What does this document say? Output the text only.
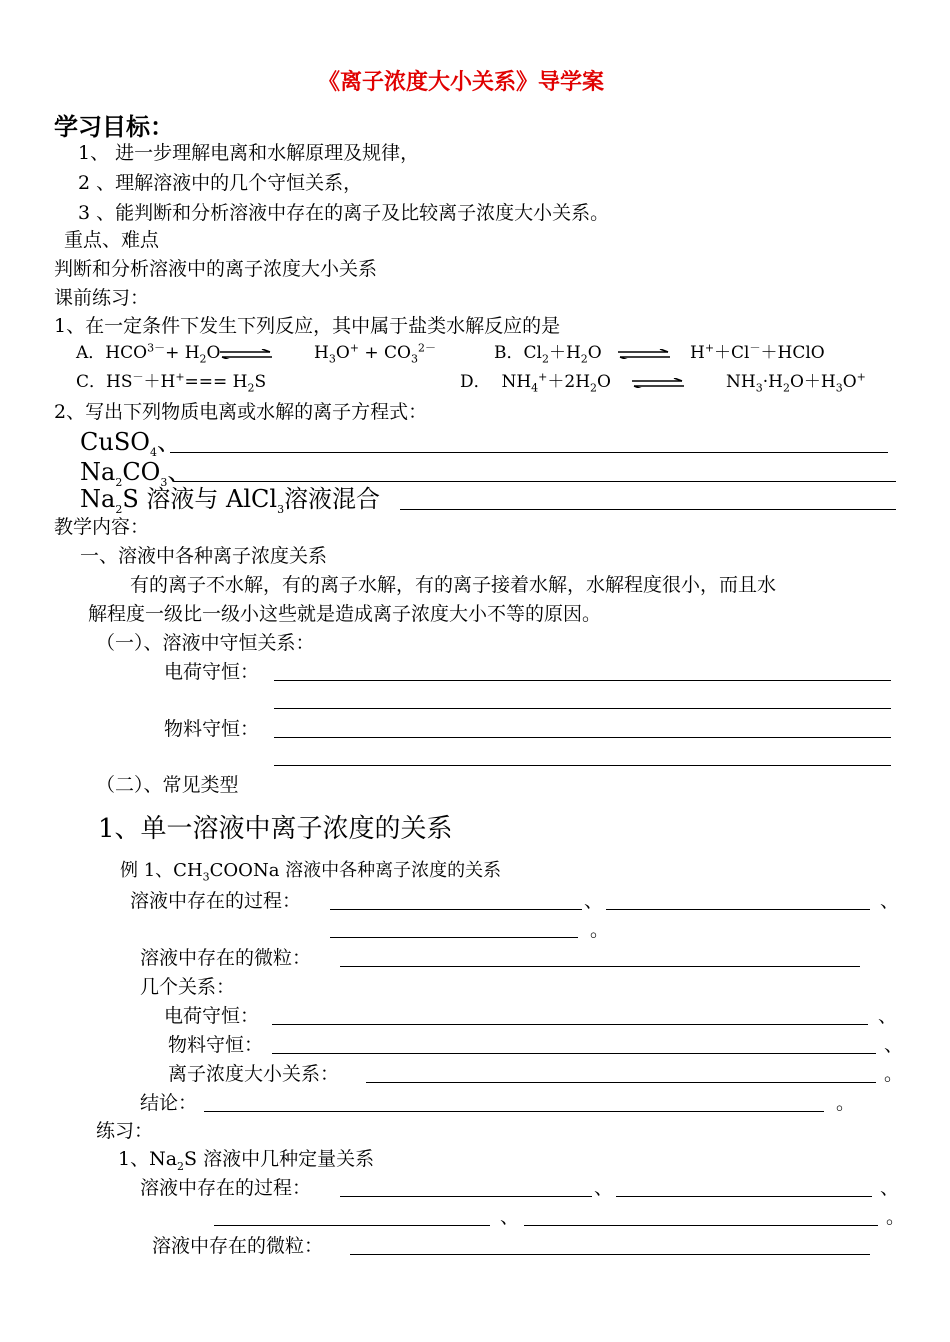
《离子浓度大小关系》导学案
学习目标：
1、 进一步理解电离和水解原理及规律，
2 、理解溶液中的几个守恒关系，
3 、能判断和分析溶液中存在的离子及比较离子浓度大小关系。
重点、难点
判断和分析溶液中的离子浓度大小关系
课前练习：
1、在一定条件下发生下列反应，其中属于盐类水解反应的是
A．$HCO^{3-}+ H_2O$ ⇌ $H_3O^+ + CO_3^{2-}$	B．$Cl_2+H_2O$ ⇌ H+＋Cl－＋HClO
C．$HS^-+H^+=== H_2S$	D． $NH_4^++2H_2O$ ⇌ $NH_3\cdot H_2O+H_3O^+$
2、写出下列物质电离或水解的离子方程式：
CuSO$_4$、
$Na_2CO_3$、
$Na_2S$ 溶液与 AlCl$_3$溶液混合
教学内容：
一、溶液中各种离子浓度关系
有的离子不水解，有的离子水解，有的离子接着水解，水解程度很小，而且水
解程度一级比一级小这些就是造成离子浓度大小不等的原因。
（一）、溶液中守恒关系：
电荷守恒：
物料守恒：
（二）、常见类型
1、单一溶液中离子浓度的关系
例 1、$CH_3COONa$ 溶液中各种离子浓度的关系
溶液中存在的过程：	、	、
。
溶液中存在的微粒：
几个关系：
电荷守恒：	、
物料守恒：	、
离子浓度大小关系：	。
结论：	。
练习：
1、$Na_2S$ 溶液中几种定量关系
溶液中存在的过程：	、	、
、	。
溶液中存在的微粒：
